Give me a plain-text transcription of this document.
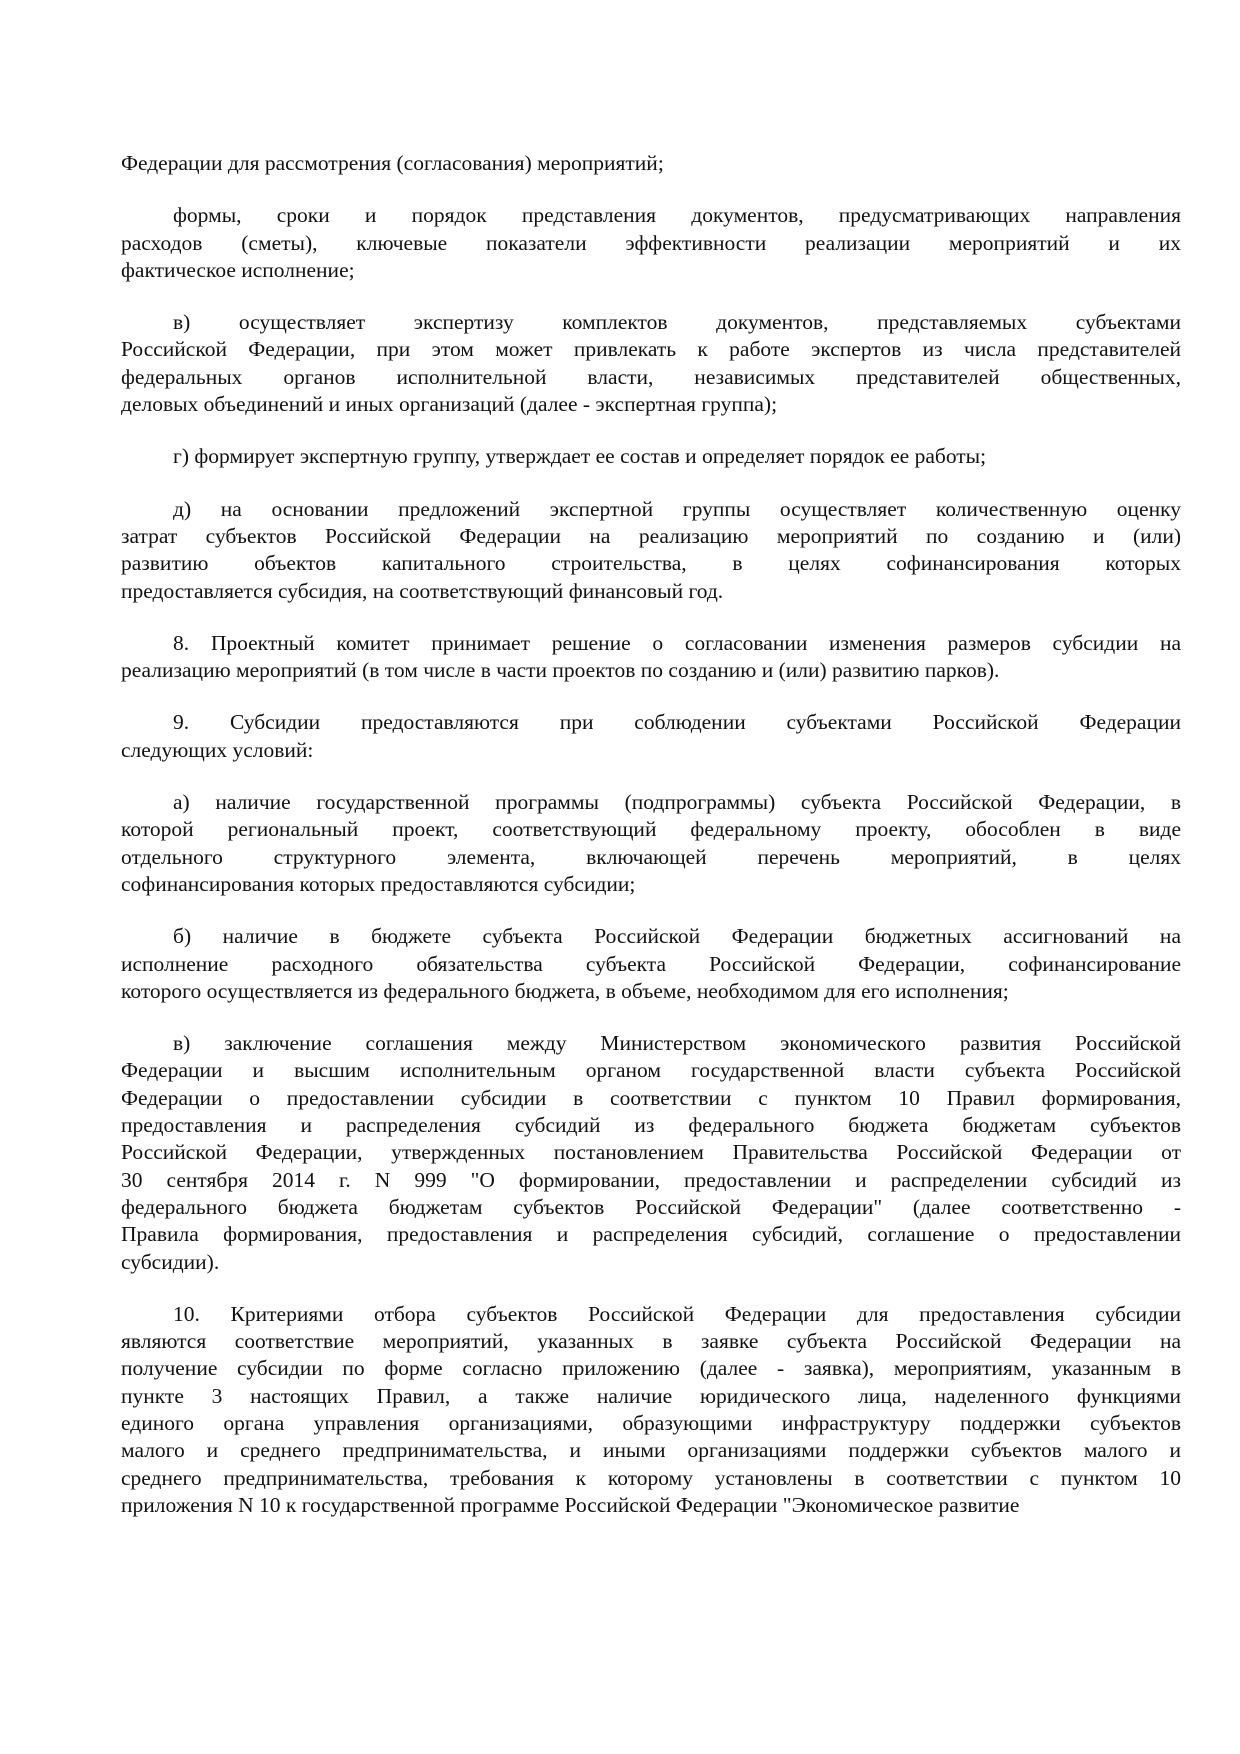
Федерации для рассмотрения (согласования) мероприятий;
формы, сроки и порядок представления документов, предусматривающих направления
расходов (сметы), ключевые показатели эффективности реализации мероприятий и их
фактическое исполнение;
в) осуществляет экспертизу комплектов документов, представляемых субъектами
Российской Федерации, при этом может привлекать к работе экспертов из числа представителей
федеральных органов исполнительной власти, независимых представителей общественных,
деловых объединений и иных организаций (далее - экспертная группа);
г) формирует экспертную группу, утверждает ее состав и определяет порядок ее работы;
д) на основании предложений экспертной группы осуществляет количественную оценку
затрат субъектов Российской Федерации на реализацию мероприятий по созданию и (или)
развитию объектов капитального строительства, в целях софинансирования которых
предоставляется субсидия, на соответствующий финансовый год.
8. Проектный комитет принимает решение о согласовании изменения размеров субсидии на
реализацию мероприятий (в том числе в части проектов по созданию и (или) развитию парков).
9. Субсидии предоставляются при соблюдении субъектами Российской Федерации
следующих условий:
а) наличие государственной программы (подпрограммы) субъекта Российской Федерации, в
которой региональный проект, соответствующий федеральному проекту, обособлен в виде
отдельного структурного элемента, включающей перечень мероприятий, в целях
софинансирования которых предоставляются субсидии;
б) наличие в бюджете субъекта Российской Федерации бюджетных ассигнований на
исполнение расходного обязательства субъекта Российской Федерации, софинансирование
которого осуществляется из федерального бюджета, в объеме, необходимом для его исполнения;
в) заключение соглашения между Министерством экономического развития Российской
Федерации и высшим исполнительным органом государственной власти субъекта Российской
Федерации о предоставлении субсидии в соответствии с пунктом 10 Правил формирования,
предоставления и распределения субсидий из федерального бюджета бюджетам субъектов
Российской Федерации, утвержденных постановлением Правительства Российской Федерации от
30 сентября 2014 г. N 999 "О формировании, предоставлении и распределении субсидий из
федерального бюджета бюджетам субъектов Российской Федерации" (далее соответственно -
Правила формирования, предоставления и распределения субсидий, соглашение о предоставлении
субсидии).
10. Критериями отбора субъектов Российской Федерации для предоставления субсидии
являются соответствие мероприятий, указанных в заявке субъекта Российской Федерации на
получение субсидии по форме согласно приложению (далее - заявка), мероприятиям, указанным в
пункте 3 настоящих Правил, а также наличие юридического лица, наделенного функциями
единого органа управления организациями, образующими инфраструктуру поддержки субъектов
малого и среднего предпринимательства, и иными организациями поддержки субъектов малого и
среднего предпринимательства, требования к которому установлены в соответствии с пунктом 10
приложения N 10 к государственной программе Российской Федерации "Экономическое развитие
